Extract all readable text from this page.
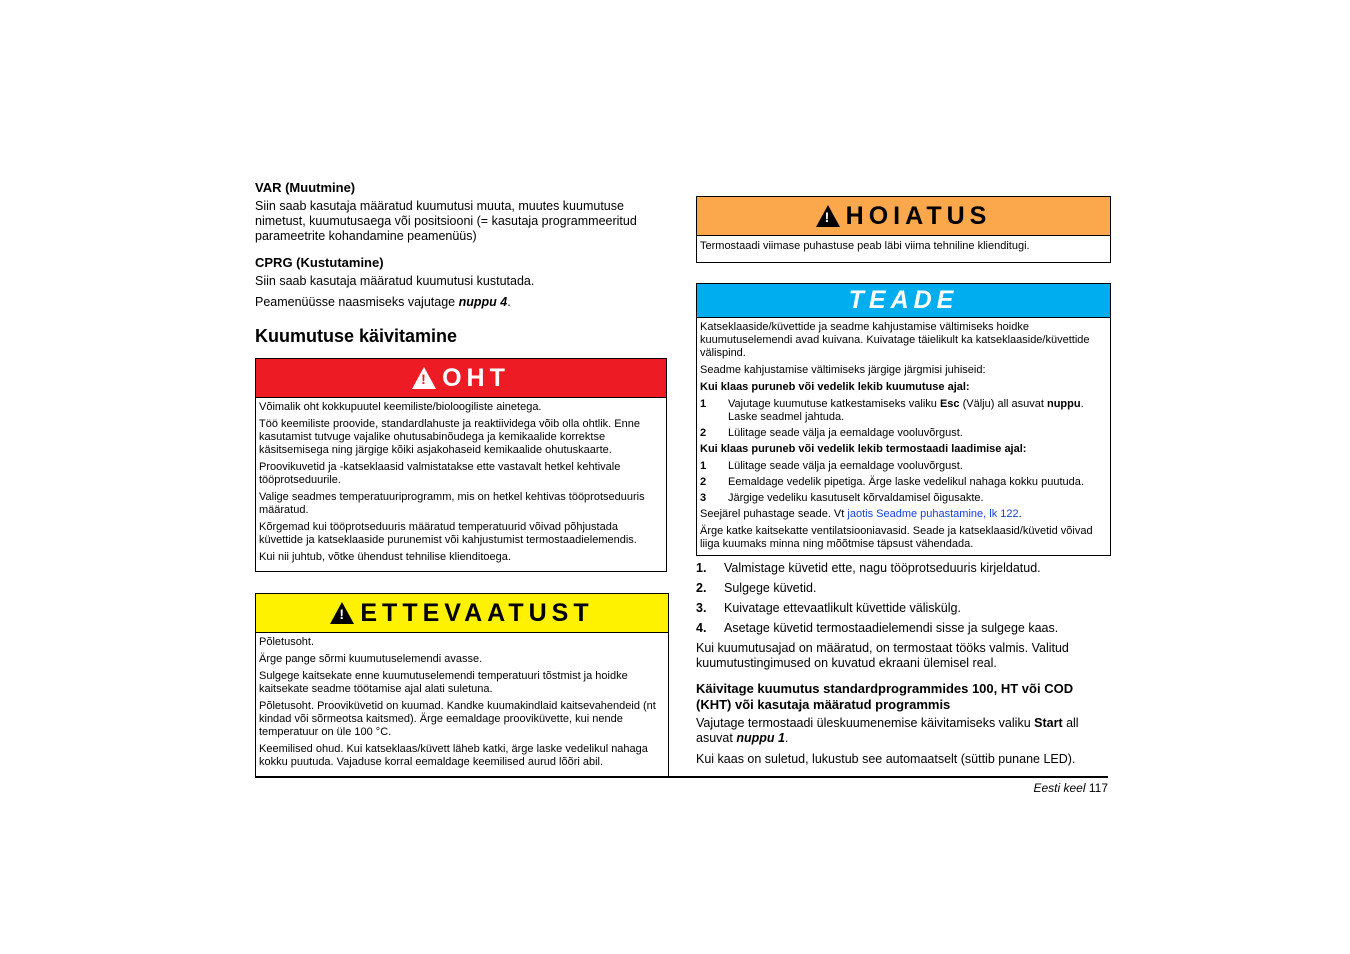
VAR (Muutmine)

Siin saab kasutaja määratud kuumutusi muuta, muutes kuumutuse nimetust, kuumutusaega või positsiooni (= kasutaja programmeeritud parameetrite kohandamine peamenüüs)

CPRG (Kustutamine)

Siin saab kasutaja määratud kuumutusi kustutada.

Peamenüüsse naasmiseks vajutage nuppu 4.

Kuumutuse käivitamine
!
OHT

Võimalik oht kokkupuutel keemiliste/bioloogiliste ainetega.

Töö keemiliste proovide, standardlahuste ja reaktiividega võib olla ohtlik. Enne kasutamist tutvuge vajalike ohutusabinõudega ja kemikaalide korrektse käsitsemisega ning järgige kõiki asjakohaseid kemikaalide ohutuskaarte.

Proovikuvetid ja -katseklaasid valmistatakse ette vastavalt hetkel kehtivale tööprotseduurile.

Valige seadmes temperatuuriprogramm, mis on hetkel kehtivas tööprotseduuris määratud.

Kõrgemad kui tööprotseduuris määratud temperatuurid võivad põhjustada küvettide ja katseklaaside purunemist või kahjustumist termostaadielemendis.

Kui nii juhtub, võtke ühendust tehnilise klienditoega.

!
ETTEVAATUST

Põletusoht.

Ärge pange sõrmi kuumutuselemendi avasse.

Sulgege kaitsekate enne kuumutuselemendi temperatuuri tõstmist ja hoidke kaitsekate seadme töötamise ajal alati suletuna.

Põletusoht. Prooviküvetid on kuumad. Kandke kuumakindlaid kaitsevahendeid (nt kindad või sõrmeotsa kaitsmed). Ärge eemaldage prooviküvette, kui nende temperatuur on üle 100 °C.

Keemilised ohud. Kui katseklaas/küvett läheb katki, ärge laske vedelikul nahaga kokku puutuda. Vajaduse korral eemaldage keemilised aurud lõõri abil.

!
HOIATUS
Termostaadi viimase puhastuse peab läbi viima tehniline klienditugi.
TEADE

Katseklaaside/küvettide ja seadme kahjustamise vältimiseks hoidke kuumutuselemendi avad kuivana. Kuivatage täielikult ka katseklaaside/küvettide välispind.

Seadme kahjustamise vältimiseks järgige järgmisi juhiseid:

Kui klaas puruneb või vedelik lekib kuumutuse ajal:

1	Vajutage kuumutuse katkestamiseks valiku Esc (Välju) all asuvat nuppu. Laske seadmel jahtuda.
2	Lülitage seade välja ja eemaldage vooluvõrgust.

Kui klaas puruneb või vedelik lekib termostaadi laadimise ajal:

1	Lülitage seade välja ja eemaldage vooluvõrgust.
2	Eemaldage vedelik pipetiga. Ärge laske vedelikul nahaga kokku puutuda.
3	Järgige vedeliku kasutuselt kõrvaldamisel õigusakte.

Seejärel puhastage seade. Vt jaotis Seadme puhastamine, lk 122.

Ärge katke kaitsekatte ventilatsiooniavasid. Seade ja katseklaasid/küvetid võivad liiga kuumaks minna ning mõõtmise täpsust vähendada.

1.	Valmistage küvetid ette, nagu tööprotseduuris kirjeldatud.
2.	Sulgege küvetid.
3.	Kuivatage ettevaatlikult küvettide väliskülg.
4.	Asetage küvetid termostaadielemendi sisse ja sulgege kaas.

Kui kuumutusajad on määratud, on termostaat tööks valmis. Valitud kuumutustingimused on kuvatud ekraani ülemisel real.

Käivitage kuumutus standardprogrammides 100, HT või COD (KHT) või kasutaja määratud programmis

Vajutage termostaadi üleskuumenemise käivitamiseks valiku Start all asuvat nuppu 1.

Kui kaas on suletud, lukustub see automaatselt (süttib punane LED).

Eesti keel 117
